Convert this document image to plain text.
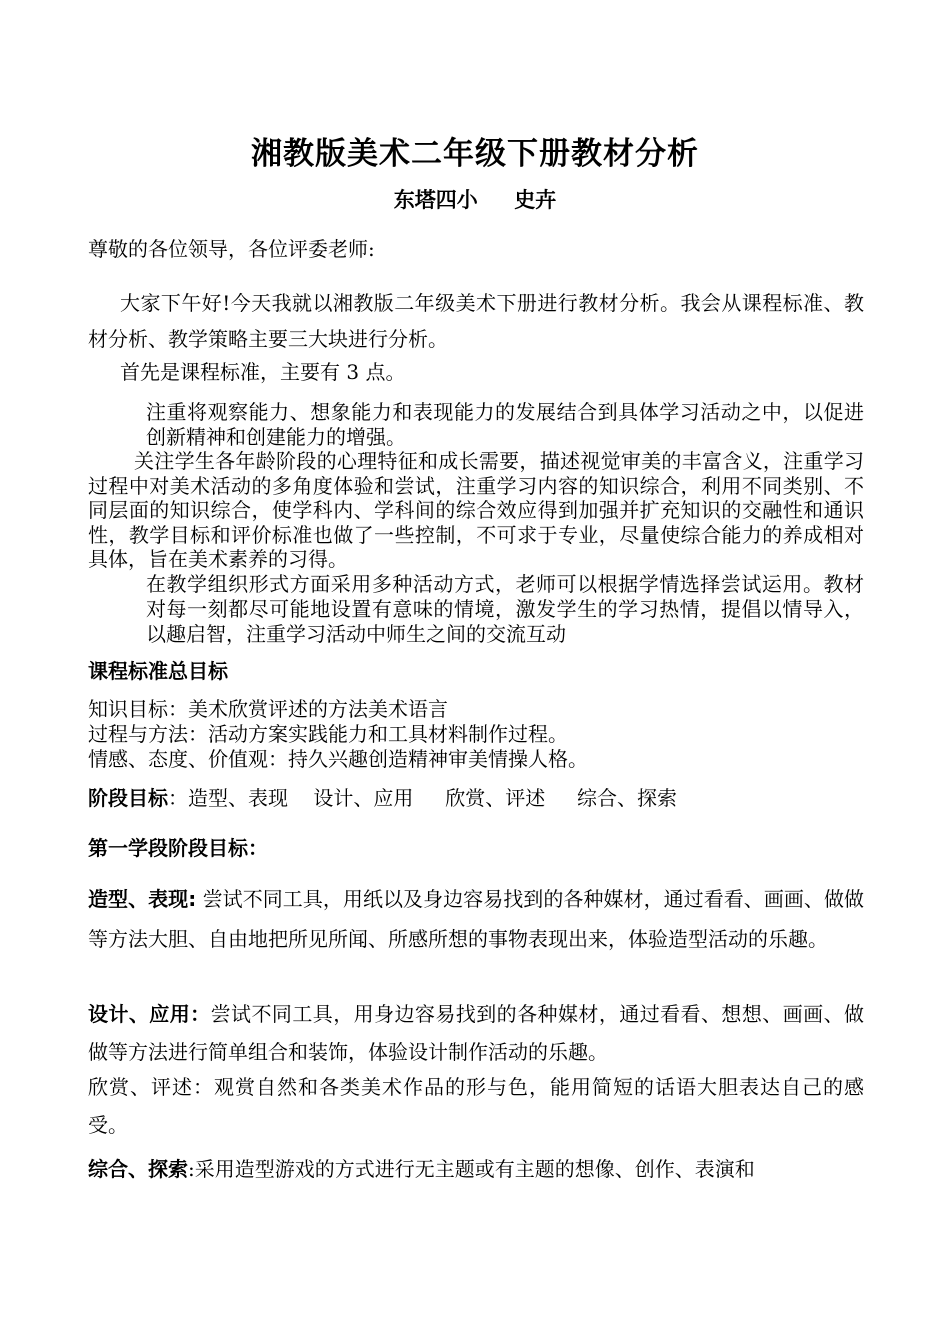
湘教版美术二年级下册教材分析
东塔四小     史卉

尊敬的各位领导，各位评委老师:

大家下午好!今天我就以湘教版二年级美术下册进行教材分析。我会从课程标准、教材分析、教学策略主要三大块进行分析。

首先是课程标准，主要有 3 点。

注重将观察能力、想象能力和表现能力的发展结合到具体学习活动之中，以促进创新精神和创建能力的增强。

关注学生各年龄阶段的心理特征和成长需要，描述视觉审美的丰富含义，注重学习过程中对美术活动的多角度体验和尝试，注重学习内容的知识综合，利用不同类别、不同层面的知识综合，使学科内、学科间的综合效应得到加强并扩充知识的交融性和通识性，教学目标和评价标准也做了一些控制，不可求于专业，尽量使综合能力的养成相对具体，旨在美术素养的习得。

在教学组织形式方面采用多种活动方式，老师可以根据学情选择尝试运用。教材对每一刻都尽可能地设置有意味的情境，激发学生的学习热情，提倡以情导入，以趣启智，注重学习活动中师生之间的交流互动

课程标准总目标

知识目标：美术欣赏评述的方法美术语言

过程与方法：活动方案实践能力和工具材料制作过程。

情感、态度、价值观：持久兴趣创造精神审美情操人格。

阶段目标：造型、表现    设计、应用     欣赏、评述     综合、探索

第一学段阶段目标：

造型、表现: 尝试不同工具，用纸以及身边容易找到的各种媒材，通过看看、画画、做做等方法大胆、自由地把所见所闻、所感所想的事物表现出来，体验造型活动的乐趣。

设计、应用：尝试不同工具，用身边容易找到的各种媒材，通过看看、想想、画画、做做等方法进行简单组合和装饰，体验设计制作活动的乐趣。

欣赏、评述：观赏自然和各类美术作品的形与色，能用简短的话语大胆表达自己的感受。

综合、探索:采用造型游戏的方式进行无主题或有主题的想像、创作、表演和
